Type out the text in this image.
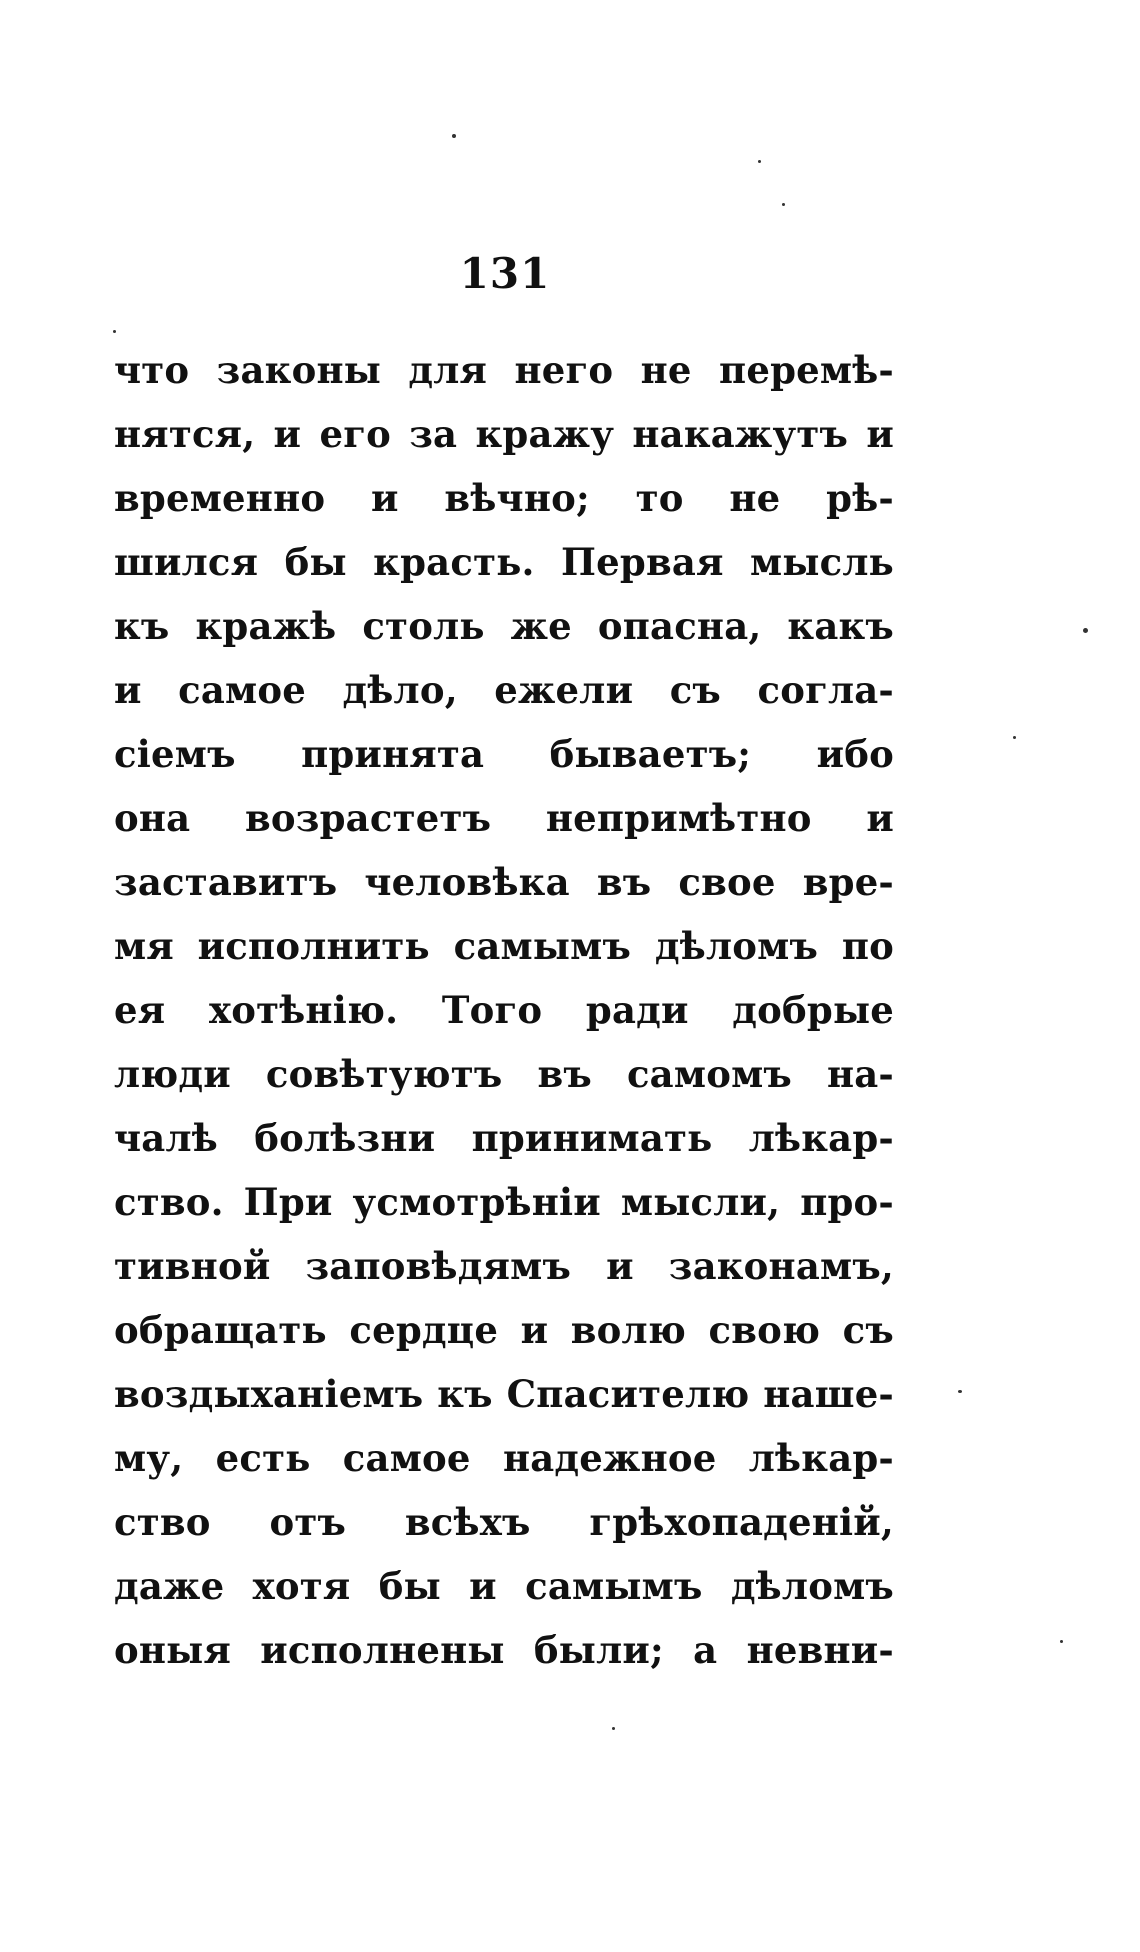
131
что законы для него не перемѣ-
нятся, и его за кражу накажутъ и
временно и вѣчно; то не рѣ-
шился бы красть. Первая мысль
къ кражѣ столь же опасна, какъ
и самое дѣло, ежели съ согла-
сіемъ принята бываетъ; ибо
она возрастетъ непримѣтно и
заставитъ человѣка въ свое вре-
мя исполнить самымъ дѣломъ по
ея хотѣнію. Того ради добрые
люди совѣтуютъ въ самомъ на-
чалѣ болѣзни принимать лѣкар-
ство. При усмотрѣніи мысли, про-
тивной заповѣдямъ и законамъ,
обращать сердце и волю свою съ
воздыханіемъ къ Спасителю наше-
му, есть самое надежное лѣкар-
ство отъ всѣхъ грѣхопаденій,
даже хотя бы и самымъ дѣломъ
оныя исполнены были; а невни-
